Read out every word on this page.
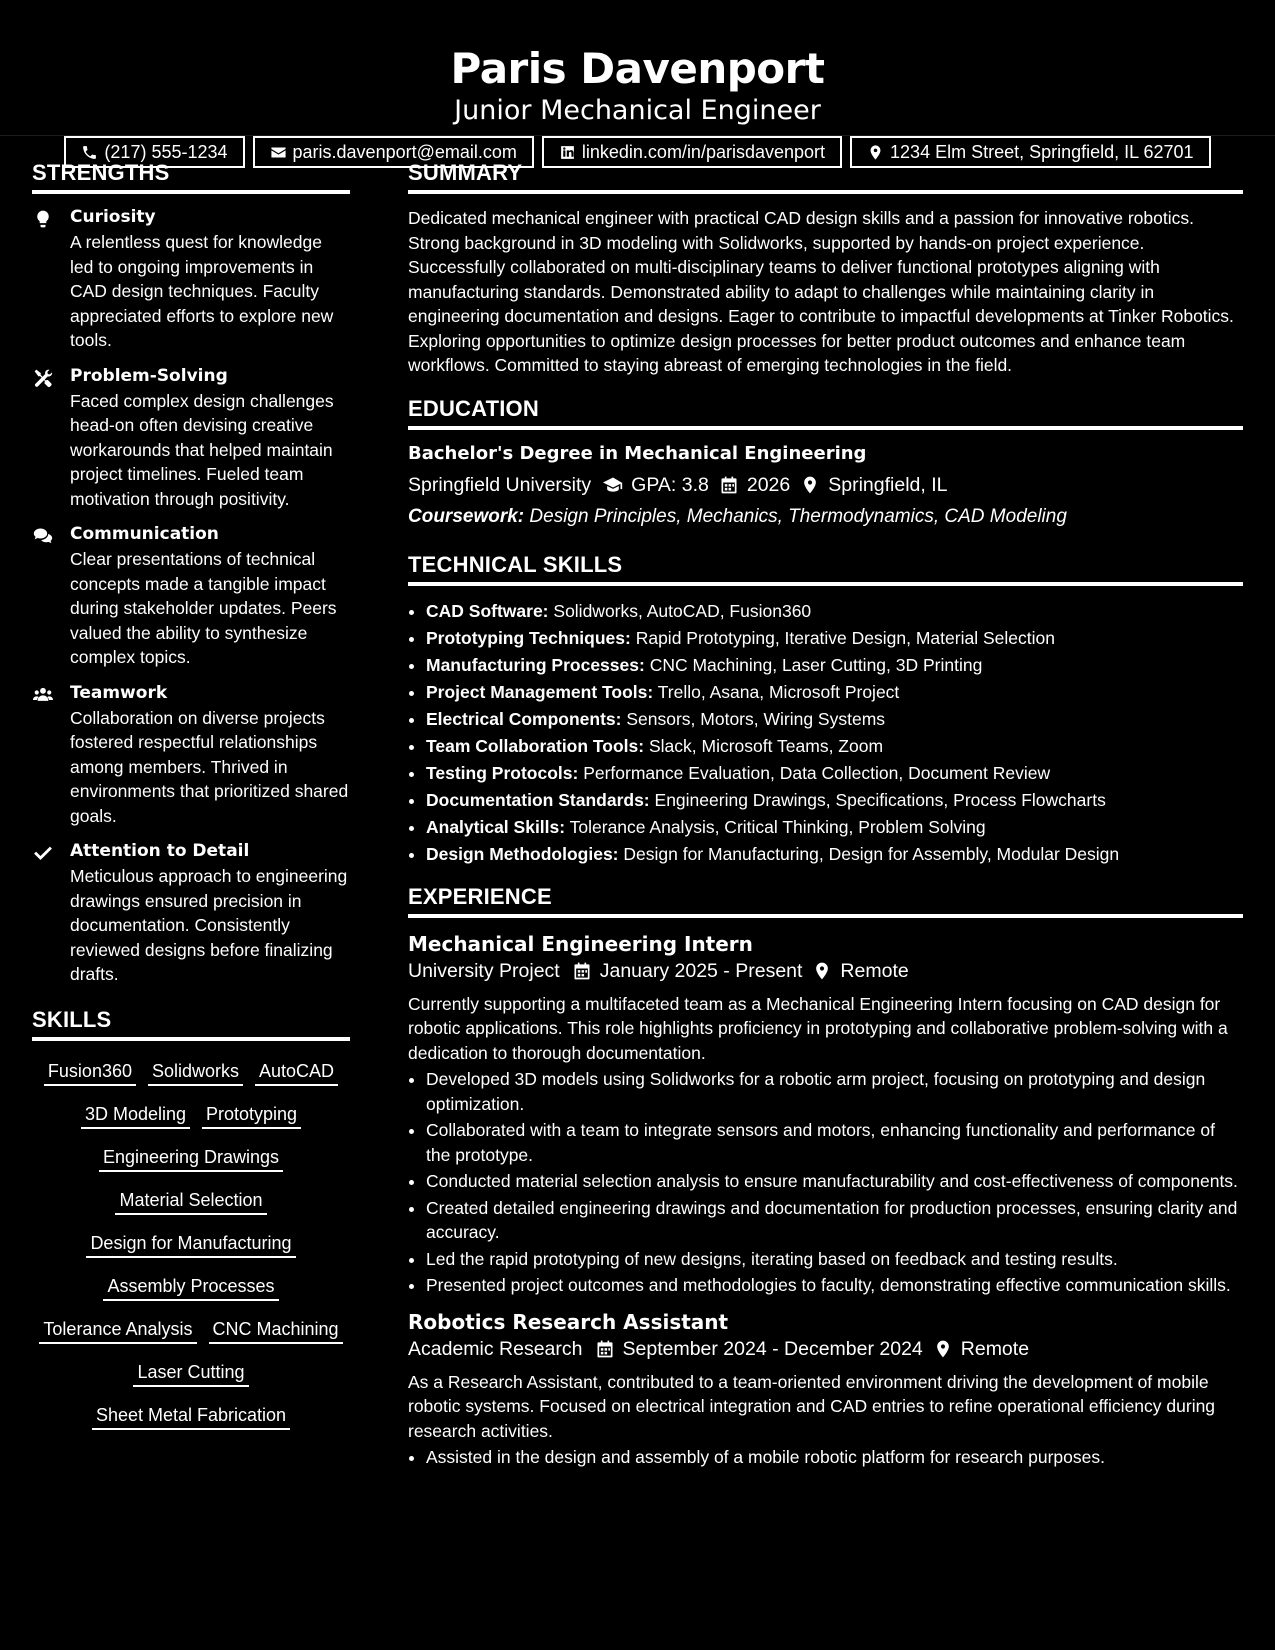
Paris Davenport
Junior Mechanical Engineer
(217) 555-1234	paris.davenport@email.com	linkedin.com/in/parisdavenport	1234 Elm Street, Springfield, IL 62701
STRENGTHS
Curiosity
A relentless quest for knowledge led to ongoing improvements in CAD design techniques. Faculty appreciated efforts to explore new tools.
Problem-Solving
Faced complex design challenges head-on often devising creative workarounds that helped maintain project timelines. Fueled team motivation through positivity.
Communication
Clear presentations of technical concepts made a tangible impact during stakeholder updates. Peers valued the ability to synthesize complex topics.
Teamwork
Collaboration on diverse projects fostered respectful relationships among members. Thrived in environments that prioritized shared goals.
Attention to Detail
Meticulous approach to engineering drawings ensured precision in documentation. Consistently reviewed designs before finalizing drafts.
SKILLS
Fusion360 Solidworks AutoCAD
3D Modeling Prototyping
Engineering Drawings
Material Selection
Design for Manufacturing
Assembly Processes
Tolerance Analysis CNC Machining
Laser Cutting
Sheet Metal Fabrication
SUMMARY

Dedicated mechanical engineer with practical CAD design skills and a passion for innovative robotics. Strong background in 3D modeling with Solidworks, supported by hands-on project experience. Successfully collaborated on multi-disciplinary teams to deliver functional prototypes aligning with manufacturing standards. Demonstrated ability to adapt to challenges while maintaining clarity in engineering documentation and designs. Eager to contribute to impactful developments at Tinker Robotics. Exploring opportunities to optimize design processes for better product outcomes and enhance team workflows. Committed to staying abreast of emerging technologies in the field.

EDUCATION
Bachelor's Degree in Mechanical Engineering
Springfield University GPA: 3.8 2026 Springfield, IL
Coursework: Design Principles, Mechanics, Thermodynamics, CAD Modeling
TECHNICAL SKILLS
• CAD Software: Solidworks, AutoCAD, Fusion360
• Prototyping Techniques: Rapid Prototyping, Iterative Design, Material Selection
• Manufacturing Processes: CNC Machining, Laser Cutting, 3D Printing
• Project Management Tools: Trello, Asana, Microsoft Project
• Electrical Components: Sensors, Motors, Wiring Systems
• Team Collaboration Tools: Slack, Microsoft Teams, Zoom
• Testing Protocols: Performance Evaluation, Data Collection, Document Review
• Documentation Standards: Engineering Drawings, Specifications, Process Flowcharts
• Analytical Skills: Tolerance Analysis, Critical Thinking, Problem Solving
• Design Methodologies: Design for Manufacturing, Design for Assembly, Modular Design
EXPERIENCE
Mechanical Engineering Intern
University Project January 2025 - Present Remote
Currently supporting a multifaceted team as a Mechanical Engineering Intern focusing on CAD design for robotic applications. This role highlights proficiency in prototyping and collaborative problem-solving with a dedication to thorough documentation.
• Developed 3D models using Solidworks for a robotic arm project, focusing on prototyping and design optimization.
• Collaborated with a team to integrate sensors and motors, enhancing functionality and performance of the prototype.
• Conducted material selection analysis to ensure manufacturability and cost-effectiveness of components.
• Created detailed engineering drawings and documentation for production processes, ensuring clarity and accuracy.
• Led the rapid prototyping of new designs, iterating based on feedback and testing results.
• Presented project outcomes and methodologies to faculty, demonstrating effective communication skills.
Robotics Research Assistant
Academic Research September 2024 - December 2024 Remote
As a Research Assistant, contributed to a team-oriented environment driving the development of mobile robotic systems. Focused on electrical integration and CAD entries to refine operational efficiency during research activities.
• Assisted in the design and assembly of a mobile robotic platform for research purposes.
